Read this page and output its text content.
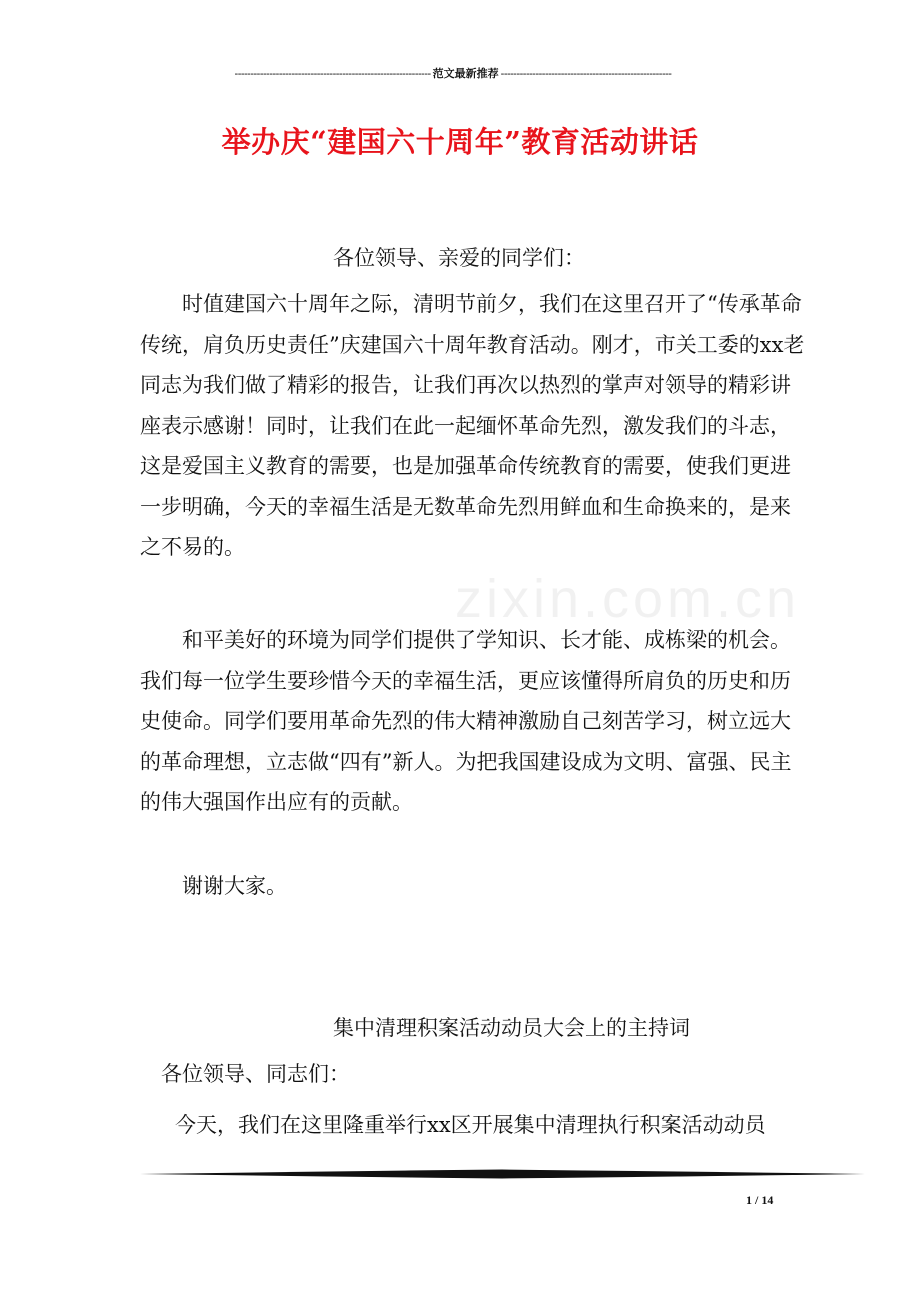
-------------------------------------------------------------- 范文最新推荐 ------------------------------------------------------
举办庆“建国六十周年”教育活动讲话
zixin.com.cn
各位领导、亲爱的同学们：

时值建国六十周年之际，清明节前夕，我们在这里召开了“传承革命传统，肩负历史责任”庆建国六十周年教育活动。刚才，市关工委的xx老同志为我们做了精彩的报告，让我们再次以热烈的掌声对领导的精彩讲座表示感谢！同时，让我们在此一起缅怀革命先烈，激发我们的斗志，这是爱国主义教育的需要，也是加强革命传统教育的需要，使我们更进一步明确，今天的幸福生活是无数革命先烈用鲜血和生命换来的，是来之不易的。

和平美好的环境为同学们提供了学知识、长才能、成栋梁的机会。我们每一位学生要珍惜今天的幸福生活，更应该懂得所肩负的历史和历史使命。同学们要用革命先烈的伟大精神激励自己刻苦学习，树立远大的革命理想，立志做“四有”新人。为把我国建设成为文明、富强、民主的伟大强国作出应有的贡献。

谢谢大家。

集中清理积案活动动员大会上的主持词
各位领导、同志们：
今天，我们在这里隆重举行xx区开展集中清理执行积案活动动员
1 / 14
